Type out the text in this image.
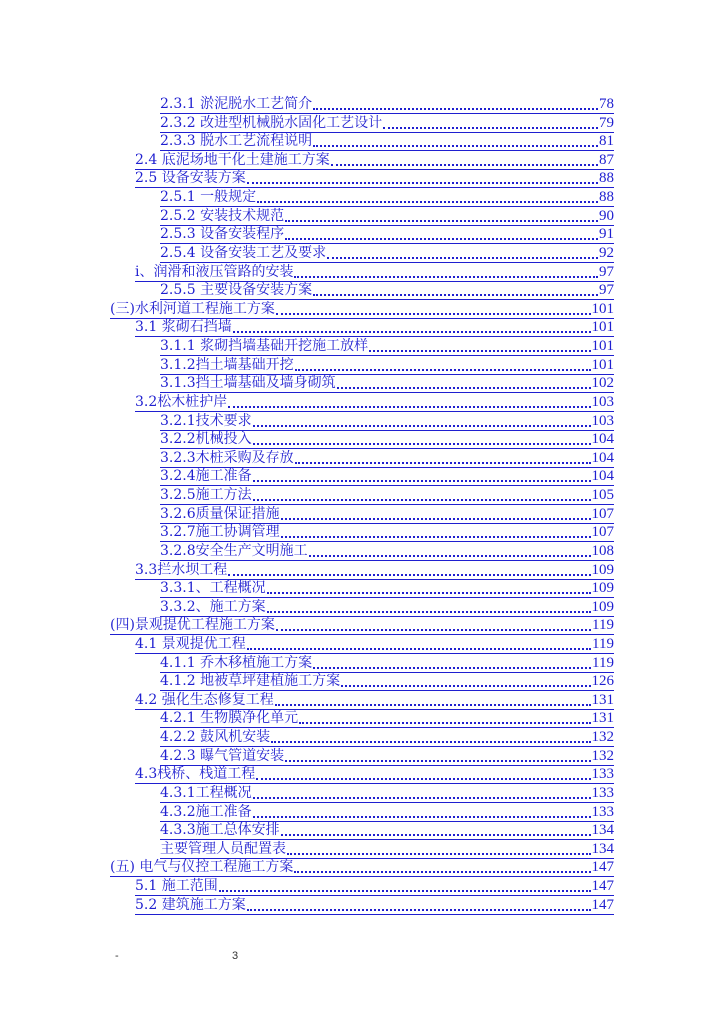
2.3.1 淤泥脱水工艺简介	78
2.3.2 改进型机械脱水固化工艺设计	79
2.3.3 脱水工艺流程说明	81
2.4 底泥场地干化土建施工方案	87
2.5 设备安装方案	88
2.5.1 一般规定	88
2.5.2 安装技术规范	90
2.5.3 设备安装程序	91
2.5.4 设备安装工艺及要求	92
i、润滑和液压管路的安装	97
2.5.5 主要设备安装方案	97
(三)水利河道工程施工方案	101
3.1 浆砌石挡墙	101
3.1.1 浆砌挡墙基础开挖施工放样	101
3.1.2挡土墙基础开挖	101
3.1.3挡土墙基础及墙身砌筑	102
3.2松木桩护岸	103
3.2.1技术要求	103
3.2.2机械投入	104
3.2.3木桩采购及存放	104
3.2.4施工准备	104
3.2.5施工方法	105
3.2.6质量保证措施	107
3.2.7施工协调管理	107
3.2.8安全生产文明施工	108
3.3拦水坝工程	109
3.3.1、工程概况	109
3.3.2、施工方案	109
(四)景观提优工程施工方案	119
4.1 景观提优工程	119
4.1.1 乔木移植施工方案	119
4.1.2 地被草坪建植施工方案	126
4.2 强化生态修复工程	131
4.2.1 生物膜净化单元	131
4.2.2 鼓风机安装	132
4.2.3 曝气管道安装	132
4.3栈桥、栈道工程	133
4.3.1工程概况	133
4.3.2施工准备	133
4.3.3施工总体安排	134
主要管理人员配置表	134
(五) 电气与仪控工程施工方案	147
5.1 施工范围	147
5.2 建筑施工方案	147
-	3
